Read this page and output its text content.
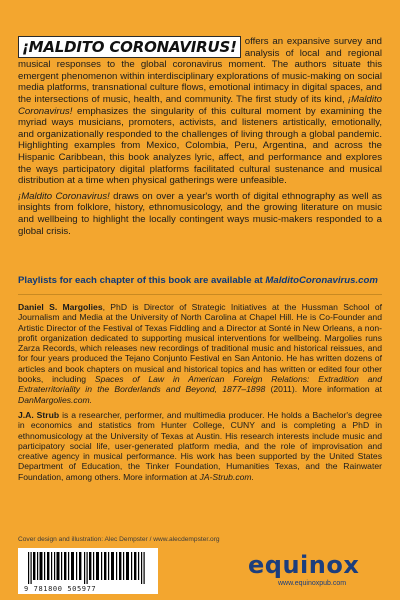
¡MALDITO CORONAVIRUS! offers an expansive survey and analysis of local and regional musical responses to the global coronavirus moment. The authors situate this emergent phenomenon within interdisciplinary explorations of music-making on social media platforms, transnational culture flows, emotional intimacy in digital spaces, and the intersections of music, health, and community. The first study of its kind, ¡Maldito Coronavirus! emphasizes the singularity of this cultural moment by examining the myriad ways musicians, promoters, activists, and listeners artistically, emotionally, and organizationally responded to the challenges of living through a global pandemic. Highlighting examples from Mexico, Colombia, Peru, Argentina, and across the Hispanic Caribbean, this book analyzes lyric, affect, and performance and explores the ways participatory digital platforms facilitated cultural sustenance and musical distribution at a time when physical gatherings were unfeasible.

¡Maldito Coronavirus! draws on over a year's worth of digital ethnography as well as insights from folklore, history, ethnomusicology, and the growing literature on music and wellbeing to highlight the locally contingent ways music-makers responded to a global crisis.

Playlists for each chapter of this book are available at MalditoCoronavirus.com

Daniel S. Margolies, PhD is Director of Strategic Initiatives at the Hussman School of Journalism and Media at the University of North Carolina at Chapel Hill. He is Co-Founder and Artistic Director of the Festival of Texas Fiddling and a Director at Sonté in New Orleans, a non-profit organization dedicated to supporting musical interventions for wellbeing. Margolies runs Zarza Records, which releases new recordings of traditional music and historical reissues, and for four years produced the Tejano Conjunto Festival en San Antonio. He has written dozens of articles and book chapters on musical and historical topics and has written or edited four other books, including Spaces of Law in American Foreign Relations: Extradition and Extraterritoriality in the Borderlands and Beyond, 1877–1898 (2011). More information at DanMargolies.com.

J.A. Strub is a researcher, performer, and multimedia producer. He holds a Bachelor's degree in economics and statistics from Hunter College, CUNY and is completing a PhD in ethnomusicology at the University of Texas at Austin. His research interests include music and participatory social life, user-generated platform media, and the role of improvisation and creative agency in musical performance. His work has been supported by the United States Department of Education, the Tinker Foundation, Humanities Texas, and the Rainwater Foundation, among others. More information at JA-Strub.com.

Cover design and illustration: Alec Dempster / www.alecdempster.org
9 781800 505977
equinox
www.equinoxpub.com
